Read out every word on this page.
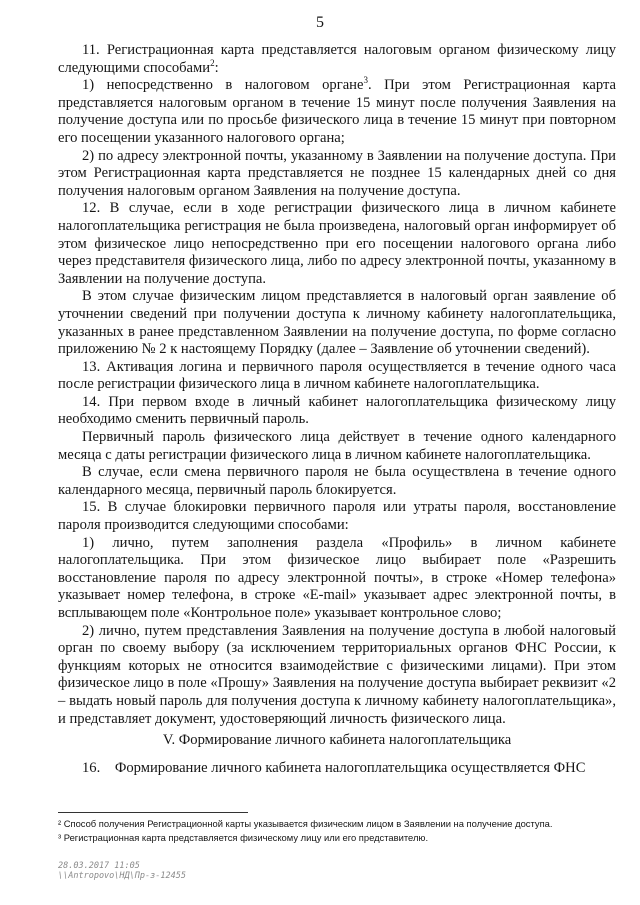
5

11. Регистрационная карта представляется налоговым органом физическому лицу следующими способами$^2$:

1) непосредственно в налоговом органе$^3$. При этом Регистрационная карта представляется налоговым органом в течение 15 минут после получения Заявления на получение доступа или по просьбе физического лица в течение 15 минут при повторном его посещении указанного налогового органа;

2) по адресу электронной почты, указанному в Заявлении на получение доступа. При этом Регистрационная карта представляется не позднее 15 календарных дней со дня получения налоговым органом Заявления на получение доступа.

12. В случае, если в ходе регистрации физического лица в личном кабинете налогоплательщика регистрация не была произведена, налоговый орган информирует об этом физическое лицо непосредственно при его посещении налогового органа либо через представителя физического лица, либо по адресу электронной почты, указанному в Заявлении на получение доступа.

В этом случае физическим лицом представляется в налоговый орган заявление об уточнении сведений при получении доступа к личному кабинету налогоплательщика, указанных в ранее представленном Заявлении на получение доступа, по форме согласно приложению № 2 к настоящему Порядку (далее – Заявление об уточнении сведений).

13. Активация логина и первичного пароля осуществляется в течение одного часа после регистрации физического лица в личном кабинете налогоплательщика.

14. При первом входе в личный кабинет налогоплательщика физическому лицу необходимо сменить первичный пароль.

Первичный пароль физического лица действует в течение одного календарного месяца с даты регистрации физического лица в личном кабинете налогоплательщика.

В случае, если смена первичного пароля не была осуществлена в течение одного календарного месяца, первичный пароль блокируется.

15. В случае блокировки первичного пароля или утраты пароля, восстановление пароля производится следующими способами:

1) лично, путем заполнения раздела «Профиль» в личном кабинете налогоплательщика. При этом физическое лицо выбирает поле «Разрешить восстановление пароля по адресу электронной почты», в строке «Номер телефона» указывает номер телефона, в строке «E-mail» указывает адрес электронной почты, в всплывающем поле «Контрольное поле» указывает контрольное слово;

2) лично, путем представления Заявления на получение доступа в любой налоговый орган по своему выбору (за исключением территориальных органов ФНС России, к функциям которых не относится взаимодействие с физическими лицами). При этом физическое лицо в поле «Прошу» Заявления на получение доступа выбирает реквизит «2 – выдать новый пароль для получения доступа к личному кабинету налогоплательщика», и представляет документ, удостоверяющий личность физического лица.

V. Формирование личного кабинета налогоплательщика

16.    Формирование личного кабинета налогоплательщика осуществляется ФНС

² Способ получения Регистрационной карты указывается физическим лицом в Заявлении на получение доступа.
³ Регистрационная карта представляется физическому лицу или его представителю.
28.03.2017 11:05
\\Antropovo\НД\Пр-з-12455
